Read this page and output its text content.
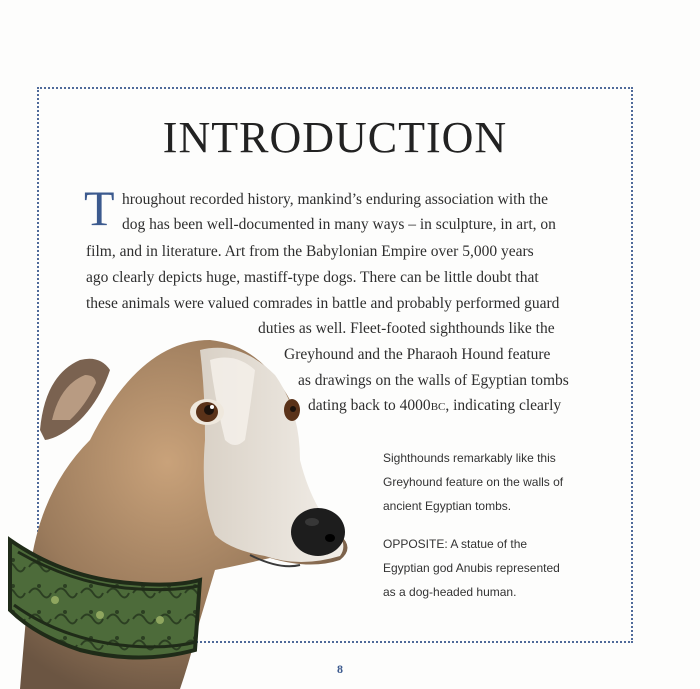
INTRODUCTION
T hroughout recorded history, mankind’s enduring association with the
dog has been well-documented in many ways – in sculpture, in art, on
film, and in literature. Art from the Babylonian Empire over 5,000 years
ago clearly depicts huge, mastiff-type dogs. There can be little doubt that
these animals were valued comrades in battle and probably performed guard
duties as well. Fleet-footed sighthounds like the
Greyhound and the Pharaoh Hound feature
as drawings on the walls of Egyptian tombs
dating back to 4000BC, indicating clearly
Sighthounds remarkably like this
Greyhound feature on the walls of
ancient Egyptian tombs.
OPPOSITE: A statue of the
Egyptian god Anubis represented
as a dog-headed human.
8
